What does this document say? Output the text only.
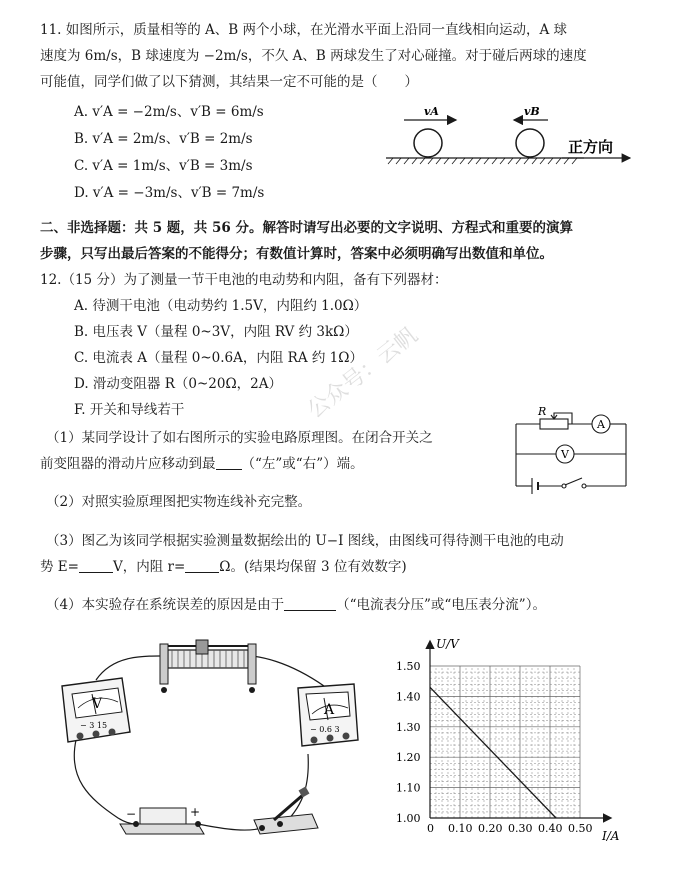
11. 如图所示，质量相等的 A、B 两个小球，在光滑水平面上沿同一直线相向运动，A 球
速度为 6m/s，B 球速度为 −2m/s，不久 A、B 两球发生了对心碰撞。对于碰后两球的速度
可能值，同学们做了以下猜测，其结果一定不可能的是（　　）
A. v′A = −2m/s、v′B = 6m/s
B. v′A = 2m/s、v′B = 2m/s
C. v′A = 1m/s、v′B = 3m/s
D. v′A = −3m/s、v′B = 7m/s
vA	vB
正方向
二、非选择题：共 5 题，共 56 分。解答时请写出必要的文字说明、方程式和重要的演算
步骤，只写出最后答案的不能得分；有数值计算时，答案中必须明确写出数值和单位。
12.（15 分）为了测量一节干电池的电动势和内阻，备有下列器材：
A. 待测干电池（电动势约 1.5V，内阻约 1.0Ω）
B. 电压表 V（量程 0~3V，内阻 RV 约 3kΩ）
C. 电流表 A（量程 0~0.6A，内阻 RA 约 1Ω）
D. 滑动变阻器 R（0~20Ω，2A）
F. 开关和导线若干
（1）某同学设计了如右图所示的实验电路原理图。在闭合开关之
前变阻器的滑动片应移动到最 （“左”或“右”）端。
R
A
V
（2）对照实验原理图把实物连线补充完整。
（3）图乙为该同学根据实验测量数据绘出的 U−I 图线，由图线可得待测干电池的电动
势 E=	V，内阻 r=	Ω。(结果均保留 3 位有效数字)
（4）本实验存在系统误差的原因是由于	（“电流表分压”或“电压表分流”）。
公众号：云帆
V
− 3 15
A
− 0.6 3
−	+
1.50
1.40
1.30
1.20
1.10
1.00
0 0.10 0.20 0.30 0.40 0.50
U/V
I/A
